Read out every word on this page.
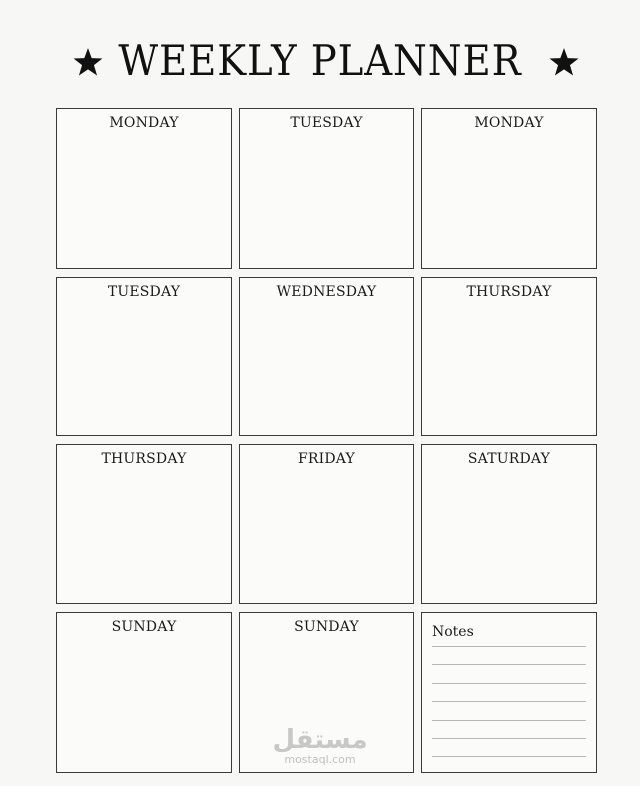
WEEKLY PLANNER
MONDAY	TUESDAY	MONDAY
TUESDAY	WEDNESDAY	THURSDAY
THURSDAY	FRIDAY	SATURDAY
SUNDAY	SUNDAY	Notes
مستقل
mostaql.com
